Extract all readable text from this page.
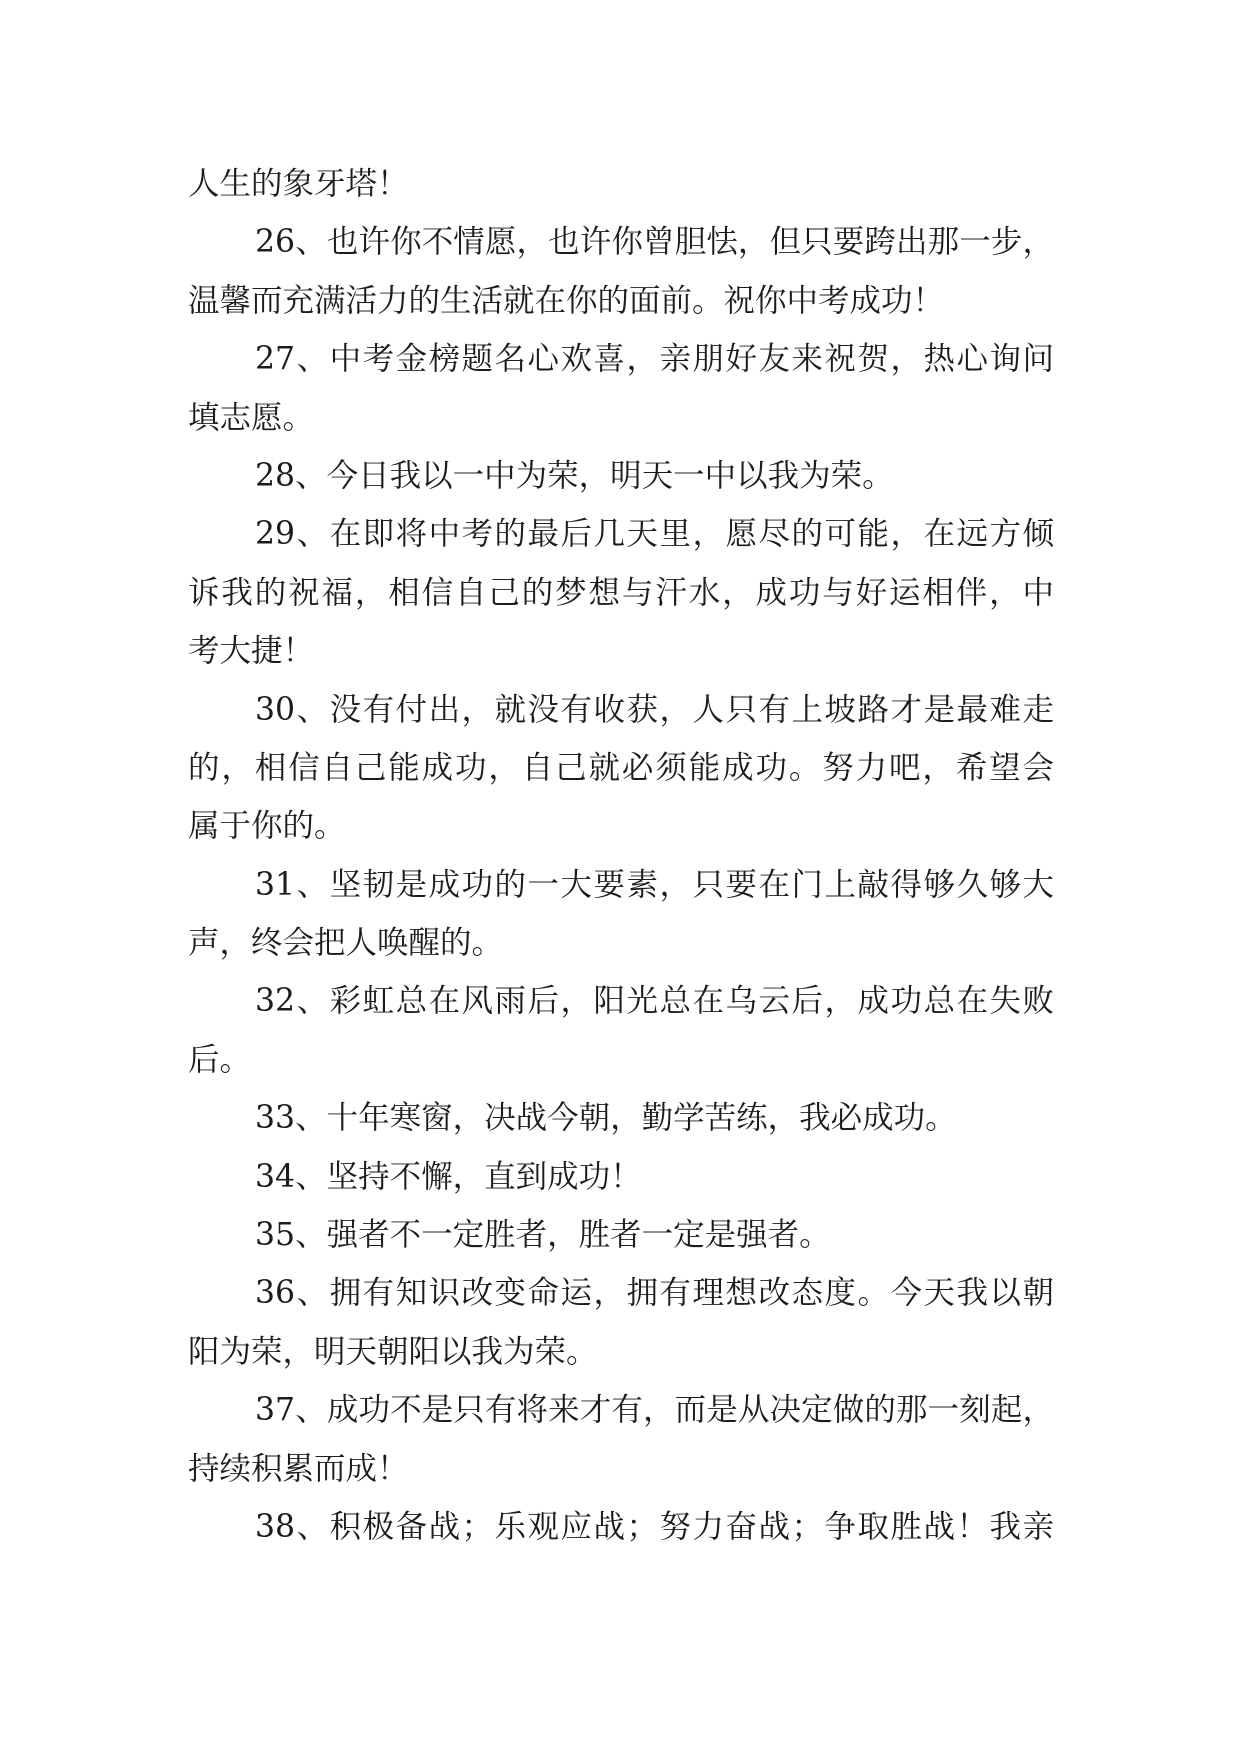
人生的象牙塔！
26、也许你不情愿，也许你曾胆怯，但只要跨出那一步，
温馨而充满活力的生活就在你的面前。祝你中考成功！
27、中考金榜题名心欢喜，亲朋好友来祝贺，热心询问
填志愿。
28、今日我以一中为荣，明天一中以我为荣。
29、在即将中考的最后几天里，愿尽的可能，在远方倾
诉我的祝福，相信自己的梦想与汗水，成功与好运相伴，中
考大捷！
30、没有付出，就没有收获，人只有上坡路才是最难走
的，相信自己能成功，自己就必须能成功。努力吧，希望会
属于你的。
31、坚韧是成功的一大要素，只要在门上敲得够久够大
声，终会把人唤醒的。
32、彩虹总在风雨后，阳光总在乌云后，成功总在失败
后。
33、十年寒窗，决战今朝，勤学苦练，我必成功。
34、坚持不懈，直到成功！
35、强者不一定胜者，胜者一定是强者。
36、拥有知识改变命运，拥有理想改态度。今天我以朝
阳为荣，明天朝阳以我为荣。
37、成功不是只有将来才有，而是从决定做的那一刻起，
持续积累而成！
38、积极备战；乐观应战；努力奋战；争取胜战！我亲
